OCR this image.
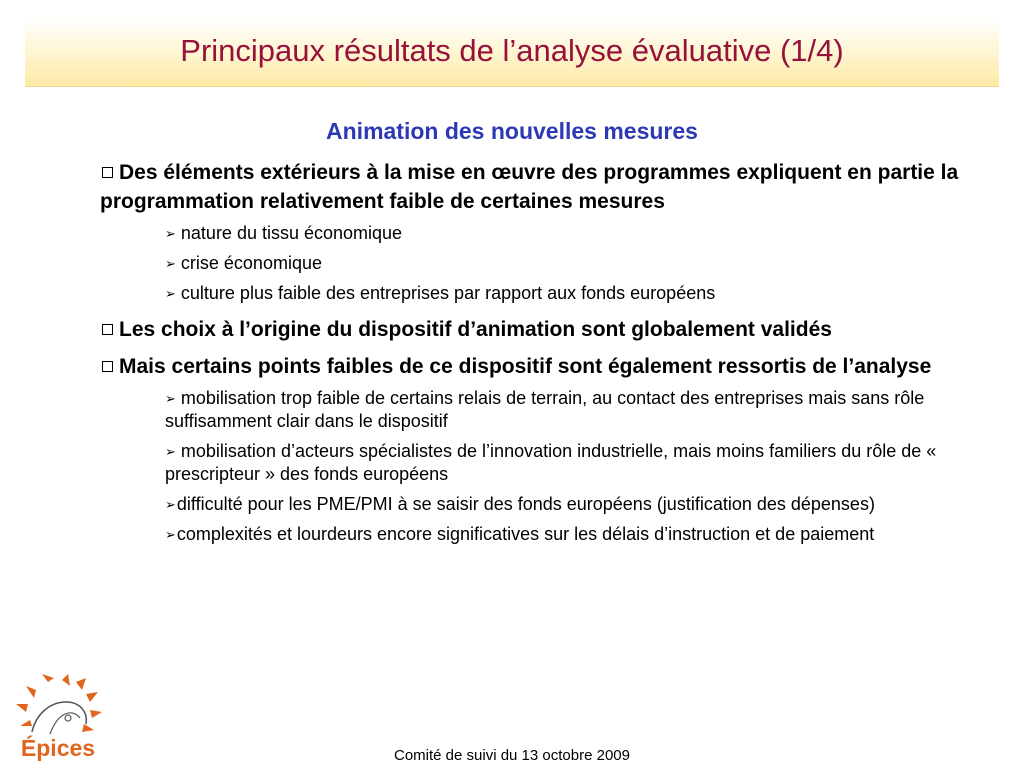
Principaux résultats de l’analyse évaluative (1/4)
Animation des nouvelles mesures
Des éléments extérieurs à la mise en œuvre des programmes expliquent en partie la programmation relativement faible de certaines mesures
➢ nature du tissu économique
➢ crise économique
➢ culture plus faible des entreprises par rapport aux fonds européens
Les choix à l’origine du dispositif d’animation sont globalement validés
Mais certains points faibles de ce dispositif sont également ressortis de l’analyse
➢ mobilisation trop faible de certains relais de terrain, au contact des entreprises mais sans rôle suffisamment clair dans le dispositif
➢ mobilisation d’acteurs spécialistes de l’innovation industrielle, mais moins familiers du rôle de « prescripteur » des fonds européens
➢difficulté pour les PME/PMI à se saisir des fonds européens (justification des dépenses)
➢complexités et lourdeurs encore significatives sur les délais d’instruction et de paiement
Épices	Comité de suivi du 13 octobre 2009
